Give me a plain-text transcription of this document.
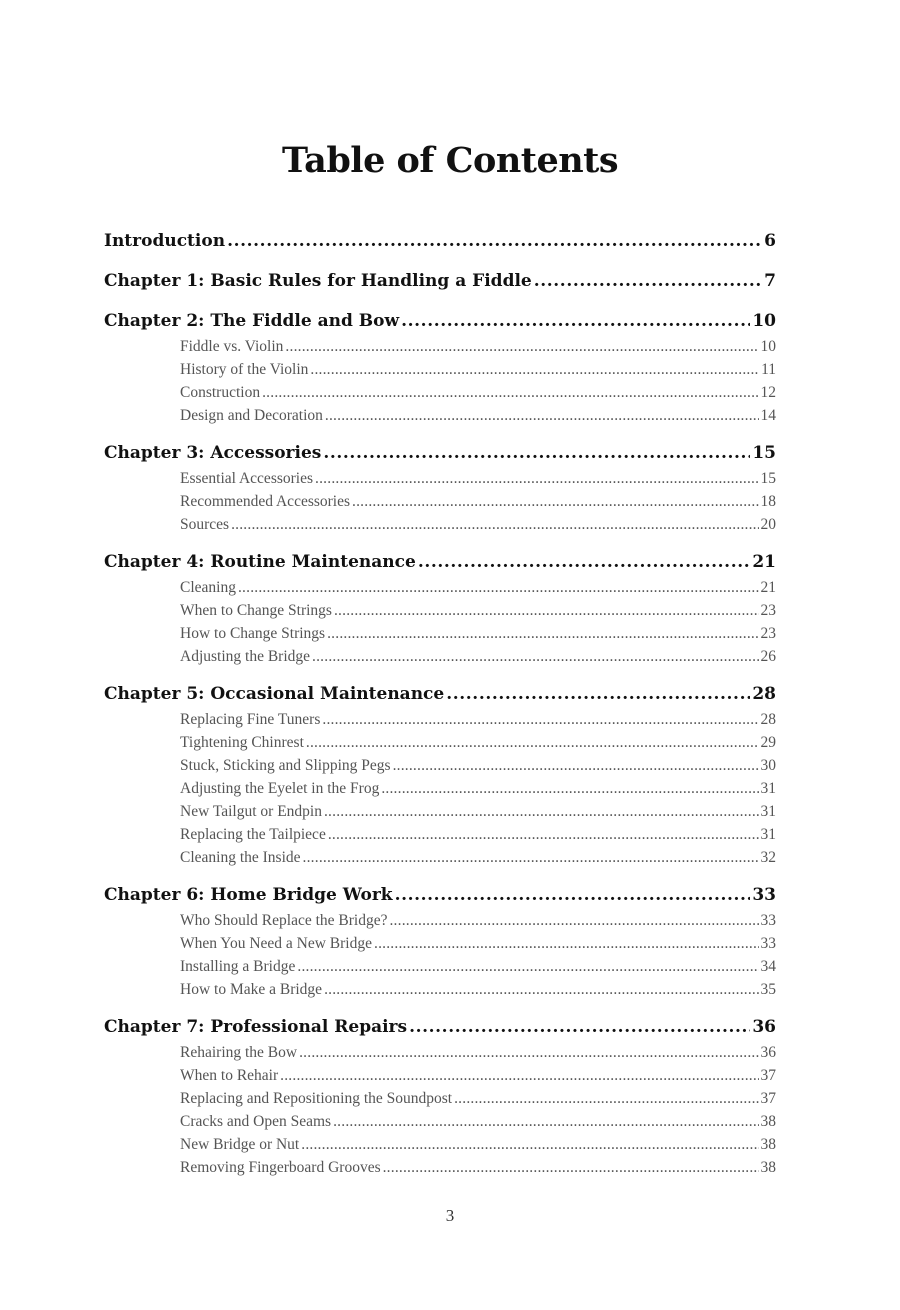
Table of Contents
Introduction .....	6
Chapter 1: Basic Rules for Handling a Fiddle .....	7
Chapter 2: The Fiddle and Bow .....	10
Fiddle vs. Violin .....	10
History of the Violin .....	11
Construction .....	12
Design and Decoration .....	14
Chapter 3: Accessories .....	15
Essential Accessories .....	15
Recommended Accessories .....	18
Sources .....	20
Chapter 4: Routine Maintenance .....	21
Cleaning .....	21
When to Change Strings .....	23
How to Change Strings .....	23
Adjusting the Bridge .....	26
Chapter 5: Occasional Maintenance .....	28
Replacing Fine Tuners .....	28
Tightening Chinrest .....	29
Stuck, Sticking and Slipping Pegs .....	30
Adjusting the Eyelet in the Frog .....	31
New Tailgut or Endpin .....	31
Replacing the Tailpiece .....	31
Cleaning the Inside .....	32
Chapter 6: Home Bridge Work .....	33
Who Should Replace the Bridge? .....	33
When You Need a New Bridge .....	33
Installing a Bridge .....	34
How to Make a Bridge .....	35
Chapter 7: Professional Repairs .....	36
Rehairing the Bow .....	36
When to Rehair .....	37
Replacing and Repositioning the Soundpost .....	37
Cracks and Open Seams .....	38
New Bridge or Nut .....	38
Removing Fingerboard Grooves .....	38
3
